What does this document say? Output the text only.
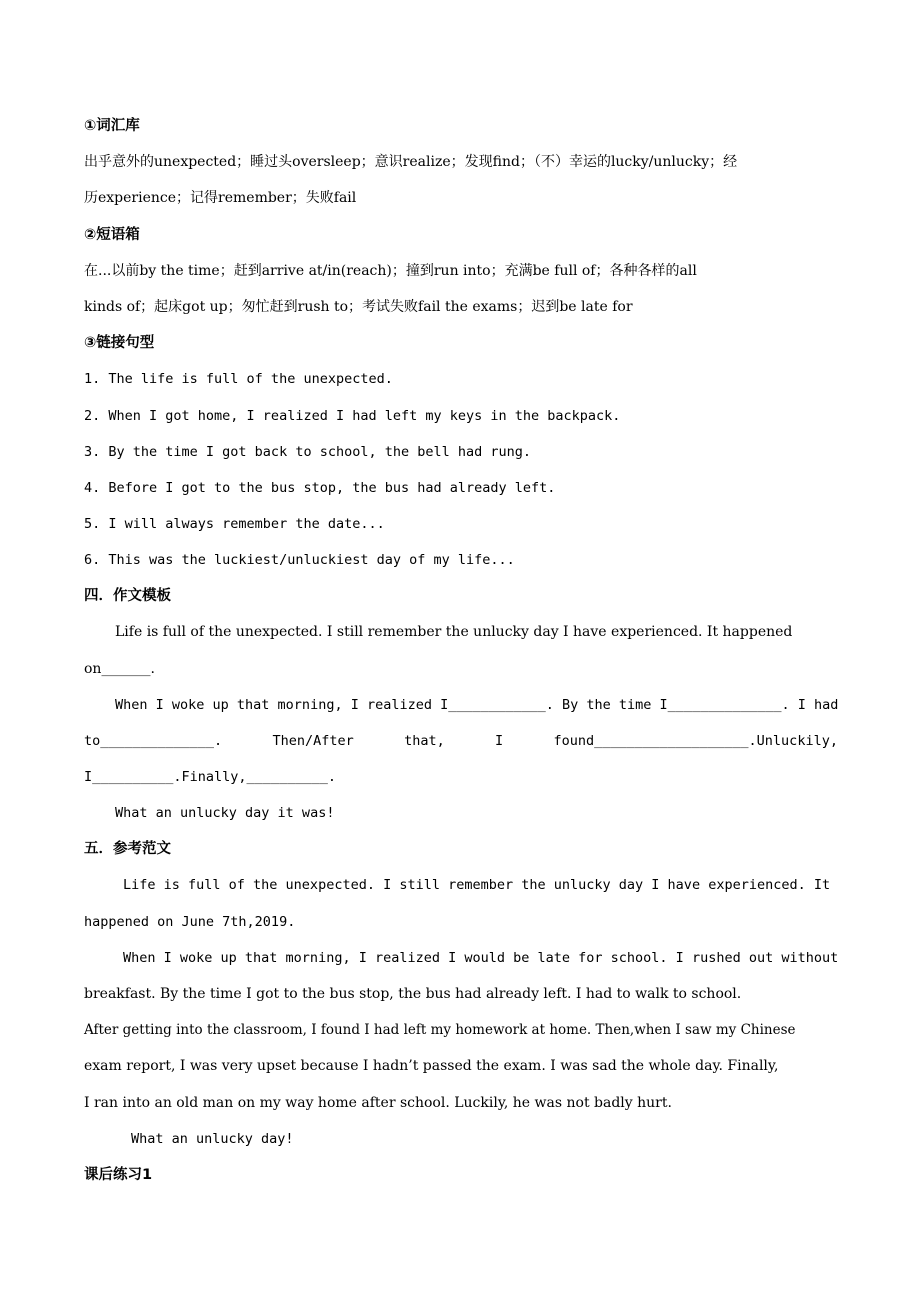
①词汇库
出乎意外的unexpected；睡过头oversleep；意识realize；发现find；（不）幸运的lucky/unlucky；经
历experience；记得remember；失败fail
②短语箱
在...以前by the time；赶到arrive at/in(reach)；撞到run into；充满be full of；各种各样的all
kinds of；起床got up；匆忙赶到rush to；考试失败fail the exams；迟到be late for
③链接句型
1. The life is full of the unexpected.
2. When I got home, I realized I had left my keys in the backpack.
3. By the time I got back to school, the bell had rung.
4. Before I got to the bus stop, the bus had already left.
5. I will always remember the date...
6. This was the luckiest/unluckiest day of my life...
四．作文模板
Life is full of the unexpected. I still remember the unlucky day I have experienced. It happened
on_______.
When I woke up that morning, I realized I____________. By the time I______________. I had
to______________.	Then/After	that,	I	found___________________.Unluckily,
I__________.Finally,__________.
What an unlucky day it was!
五．参考范文
Life is full of the unexpected. I still remember the unlucky day I have experienced. It
happened on June 7th,2019.
When I woke up that morning, I realized I would be late for school. I rushed out without
breakfast. By the time I got to the bus stop, the bus had already left. I had to walk to school.
After getting into the classroom, I found I had left my homework at home. Then,when I saw my Chinese
exam report, I was very upset because I hadn’t passed the exam. I was sad the whole day. Finally,
I ran into an old man on my way home after school. Luckily, he was not badly hurt.
What an unlucky day!
课后练习1
